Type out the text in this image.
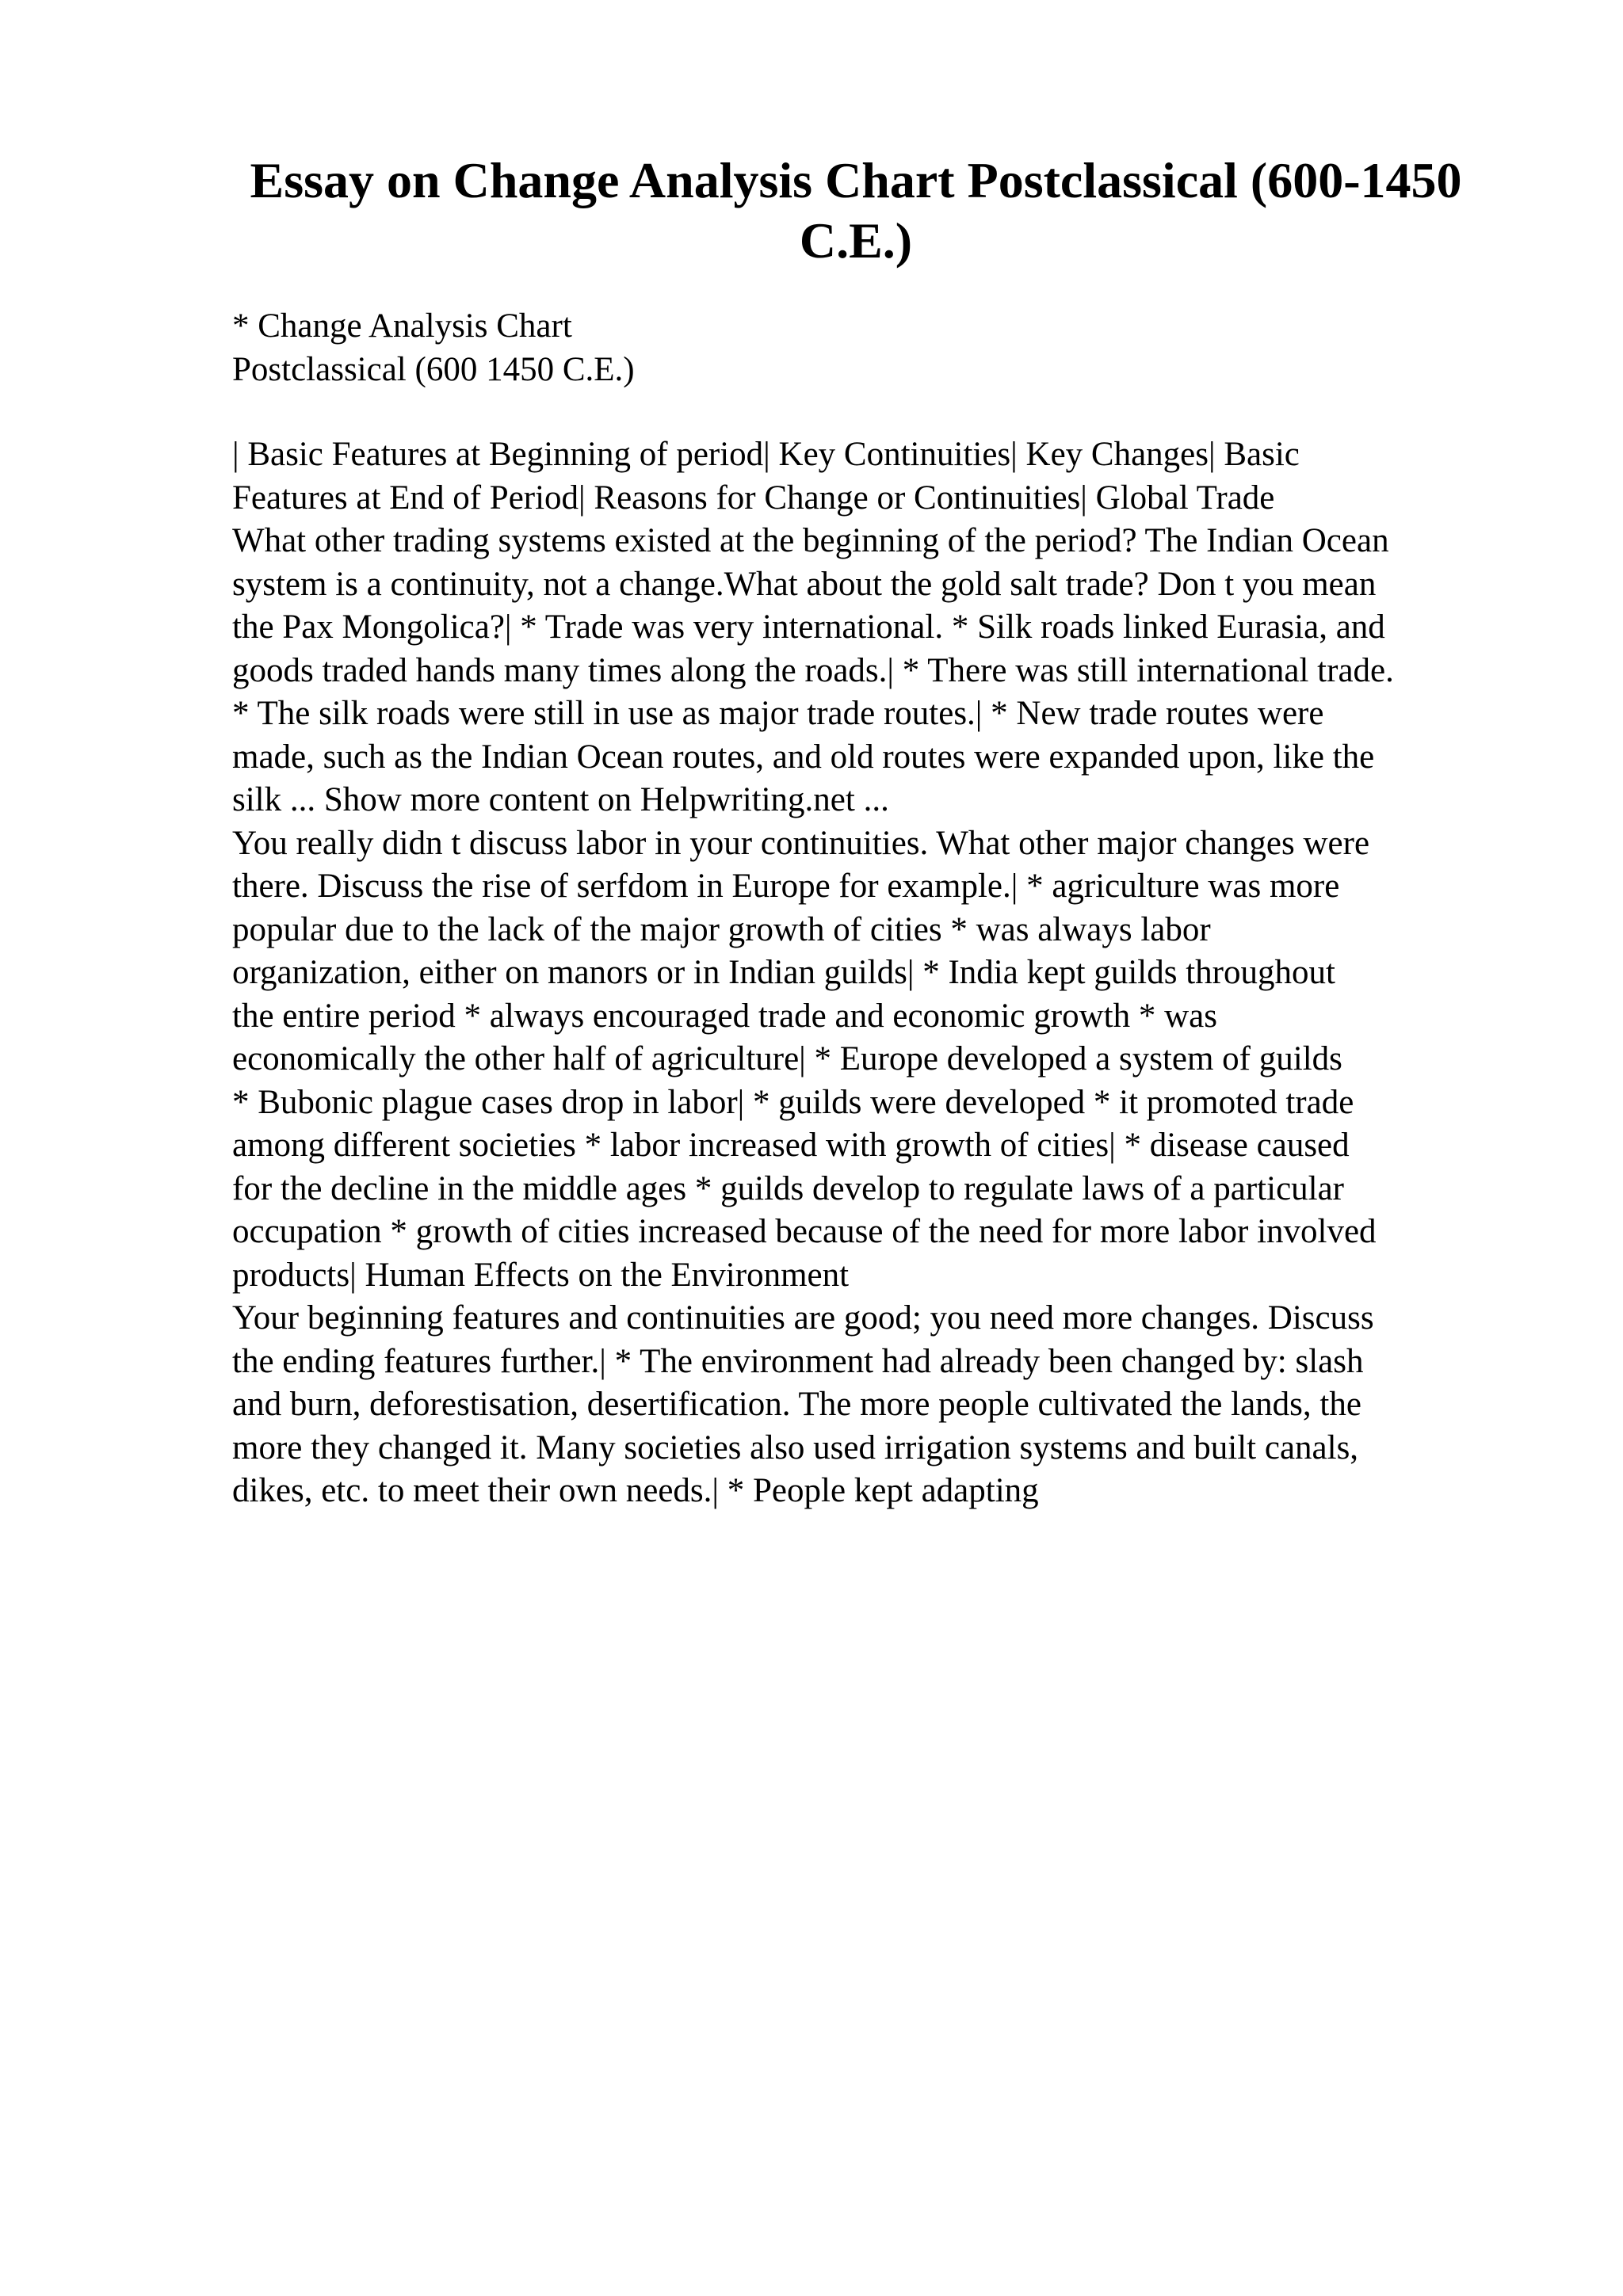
Essay on Change Analysis Chart Postclassical (600-1450 C.E.)

* Change Analysis Chart
Postclassical (600 1450 C.E.)

| Basic Features at Beginning of period| Key Continuities| Key Changes| Basic
Features at End of Period| Reasons for Change or Continuities| Global Trade
What other trading systems existed at the beginning of the period? The Indian Ocean
system is a continuity, not a change.What about the gold salt trade? Don t you mean
the Pax Mongolica?| * Trade was very international. * Silk roads linked Eurasia, and
goods traded hands many times along the roads.| * There was still international trade.
* The silk roads were still in use as major trade routes.| * New trade routes were
made, such as the Indian Ocean routes, and old routes were expanded upon, like the
silk ... Show more content on Helpwriting.net ...
You really didn t discuss labor in your continuities. What other major changes were
there. Discuss the rise of serfdom in Europe for example.| * agriculture was more
popular due to the lack of the major growth of cities * was always labor
organization, either on manors or in Indian guilds| * India kept guilds throughout
the entire period * always encouraged trade and economic growth * was
economically the other half of agriculture| * Europe developed a system of guilds
* Bubonic plague cases drop in labor| * guilds were developed * it promoted trade
among different societies * labor increased with growth of cities| * disease caused
for the decline in the middle ages * guilds develop to regulate laws of a particular
occupation * growth of cities increased because of the need for more labor involved
products| Human Effects on the Environment
Your beginning features and continuities are good; you need more changes. Discuss
the ending features further.| * The environment had already been changed by: slash
and burn, deforestisation, desertification. The more people cultivated the lands, the
more they changed it. Many societies also used irrigation systems and built canals,
dikes, etc. to meet their own needs.| * People kept adapting
